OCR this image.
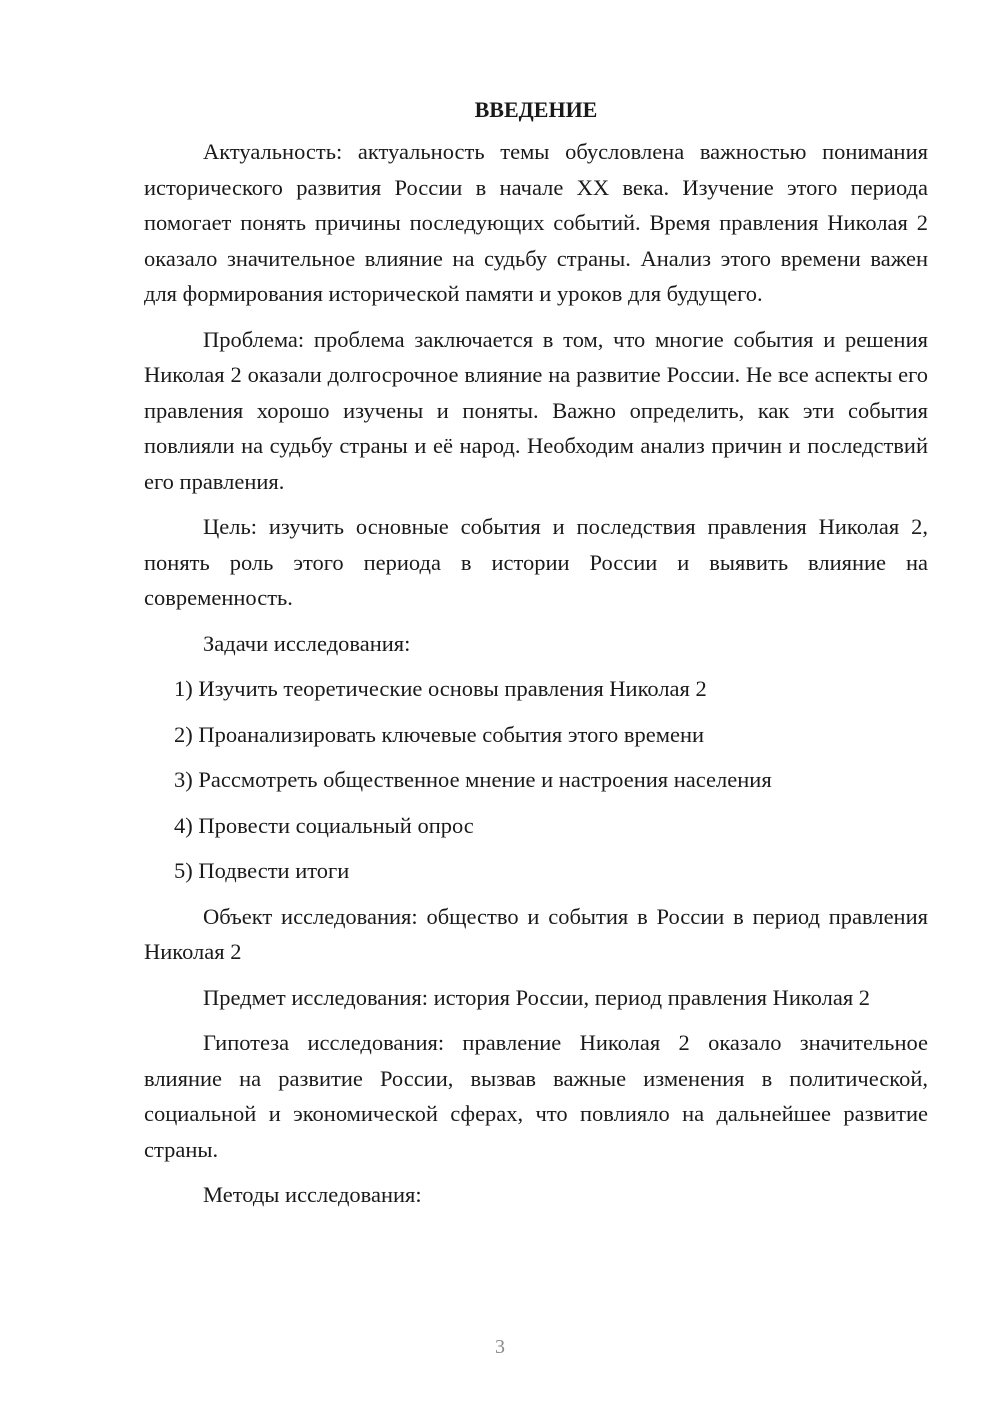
ВВЕДЕНИЕ

Актуальность: актуальность темы обусловлена важностью понимания исторического развития России в начале XX века. Изучение этого периода помогает понять причины последующих событий. Время правления Николая 2 оказало значительное влияние на судьбу страны. Анализ этого времени важен для формирования исторической памяти и уроков для будущего.

Проблема: проблема заключается в том, что многие события и решения Николая 2 оказали долгосрочное влияние на развитие России. Не все аспекты его правления хорошо изучены и поняты. Важно определить, как эти события повлияли на судьбу страны и её народ. Необходим анализ причин и последствий его правления.

Цель: изучить основные события и последствия правления Николая 2, понять роль этого периода в истории России и выявить влияние на современность.

Задачи исследования:

1) Изучить теоретические основы правления Николая 2
2) Проанализировать ключевые события этого времени
3) Рассмотреть общественное мнение и настроения населения
4) Провести социальный опрос
5) Подвести итоги

Объект исследования: общество и события в России в период правления Николая 2

Предмет исследования: история России, период правления Николая 2

Гипотеза исследования: правление Николая 2 оказало значительное влияние на развитие России, вызвав важные изменения в политической, социальной и экономической сферах, что повлияло на дальнейшее развитие страны.

Методы исследования:

3
